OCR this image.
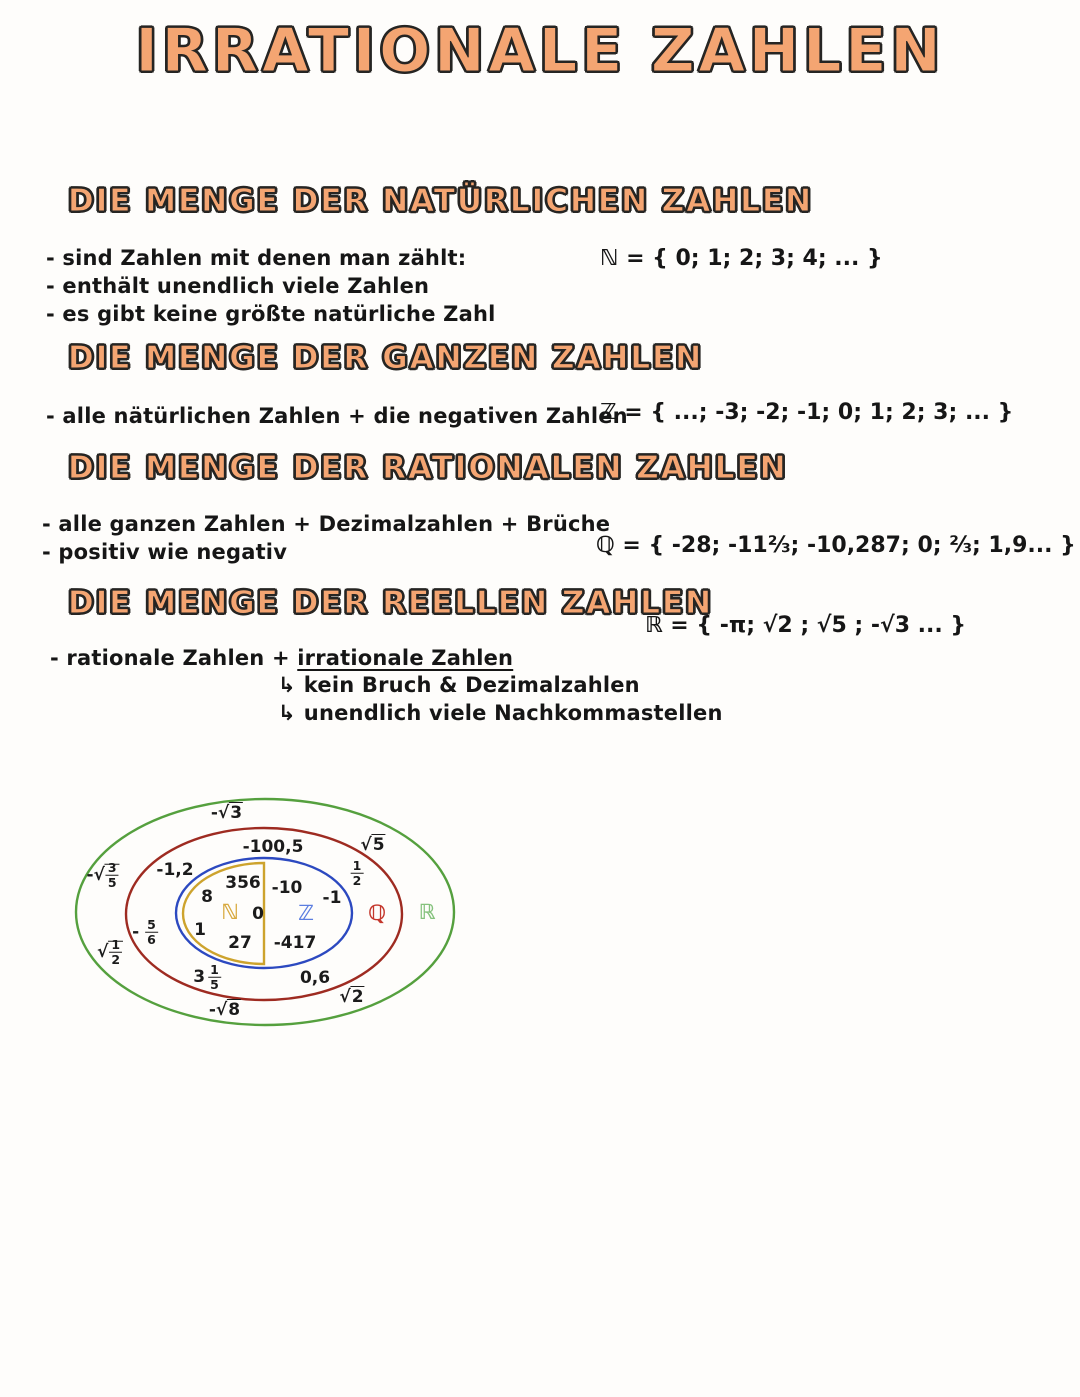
IRRATIONALE ZAHLEN
DIE MENGE DER NATÜRLICHEN ZAHLEN
- sind Zahlen mit denen man zählt:
- enthält unendlich viele Zahlen
- es gibt keine größte natürliche Zahl
ℕ = { 0; 1; 2; 3; 4; ... }
DIE MENGE DER GANZEN ZAHLEN
- alle nätürlichen Zahlen + die negativen Zahlen
ℤ = { ...; -3; -2; -1; 0; 1; 2; 3; ... }
DIE MENGE DER RATIONALEN ZAHLEN
- alle ganzen Zahlen + Dezimalzahlen + Brüche
- positiv wie negativ	ℚ = { -28; -11⅔; -10,287; 0; ⅔; 1,9... }
DIE MENGE DER REELLEN ZAHLEN
ℝ = { -π; √2 ; √5 ; -√3 ... }
- rationale Zahlen + irrationale Zahlen
↳ kein Bruch & Dezimalzahlen
↳ unendlich viele Nachkommastellen
-√3
-100,5	√5
-√ $\frac{3}{5} -1,2$
356 -10
$\frac{1}{2}$
8	-1
ℕ 0 ℤ	ℚ ℝ
1
- $\frac{5}{6}$	27 -417
√ $\frac{1}{2}$
$3 \frac{1}{5}$	0,6
√2
-√8
